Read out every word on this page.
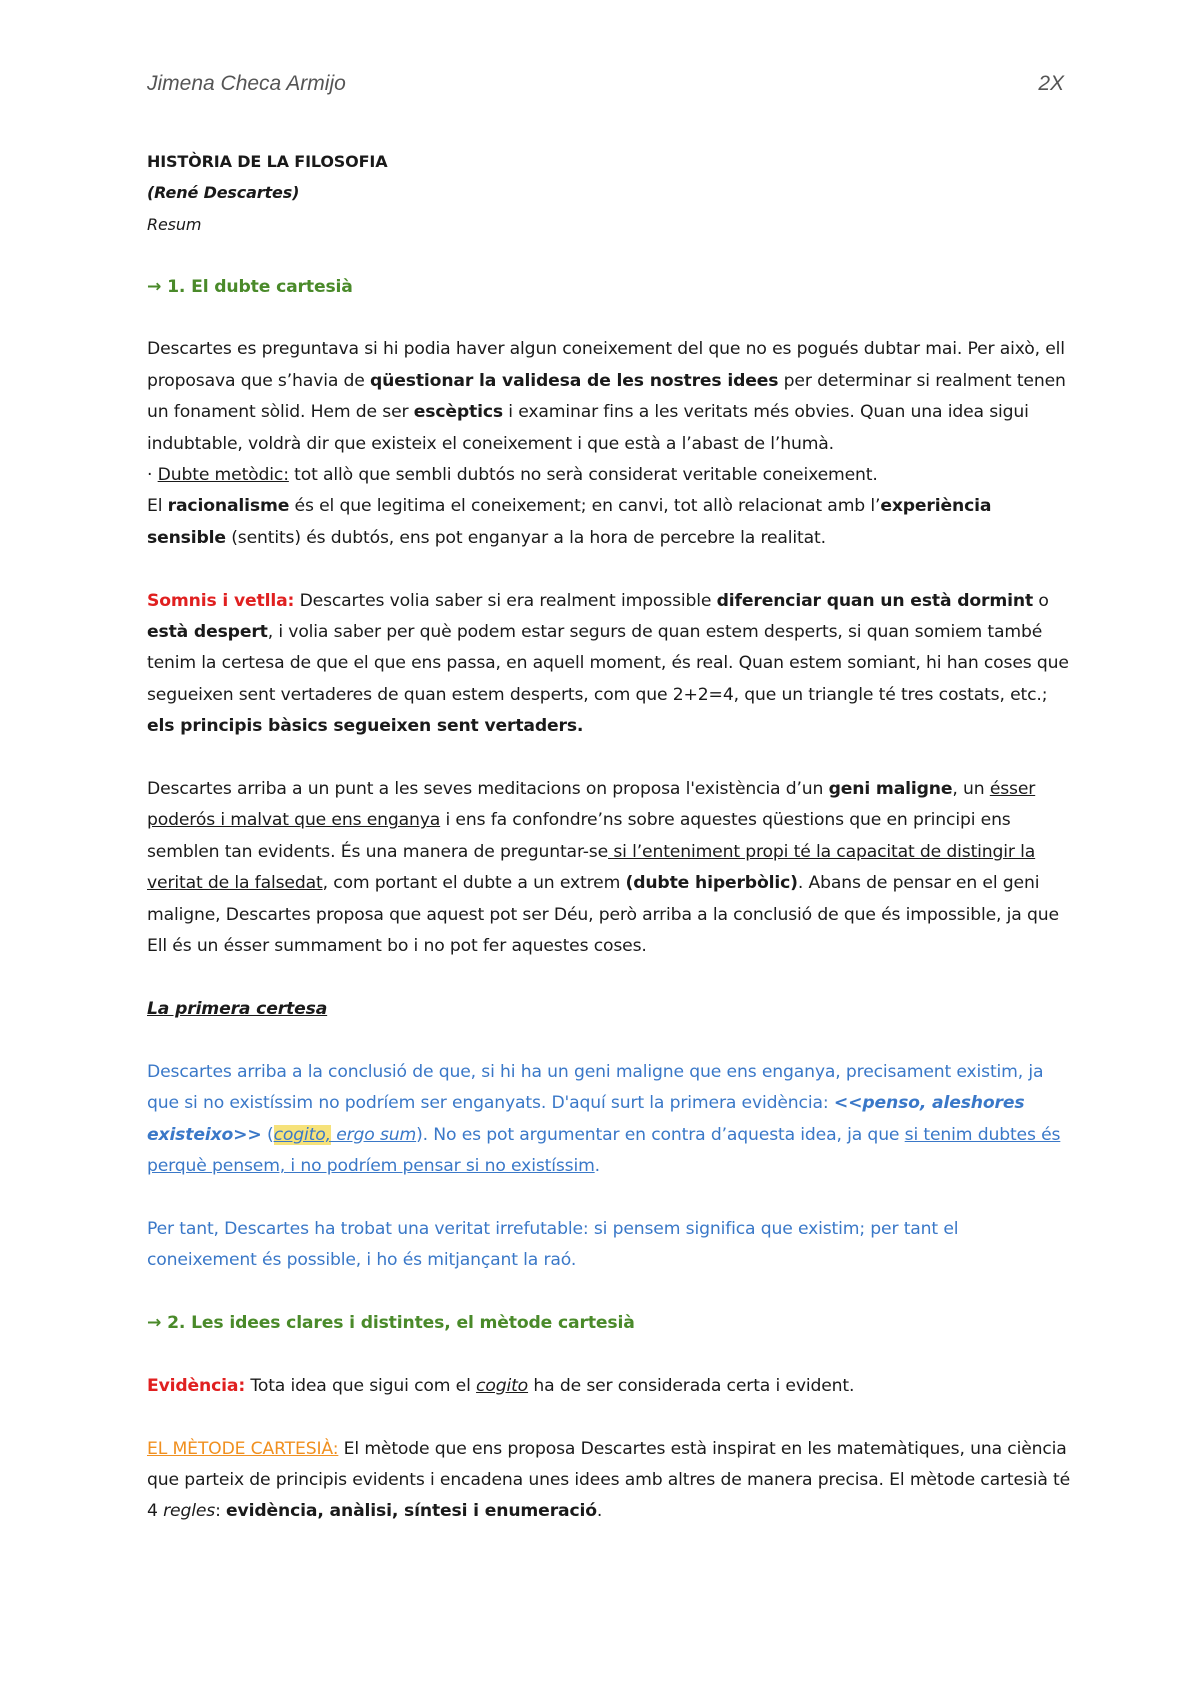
Jimena Checa Armijo	2X

HISTÒRIA DE LA FILOSOFIA

(René Descartes)

Resum

→ 1. El dubte cartesià

Descartes es preguntava si hi podia haver algun coneixement del que no es pogués dubtar mai. Per això, ell proposava que s’havia de qüestionar la validesa de les nostres idees per determinar si realment tenen un fonament sòlid. Hem de ser escèptics i examinar fins a les veritats més obvies. Quan una idea sigui indubtable, voldrà dir que existeix el coneixement i que està a l’abast de l’humà.

· Dubte metòdic: tot allò que sembli dubtós no serà considerat veritable coneixement.

El racionalisme és el que legitima el coneixement; en canvi, tot allò relacionat amb l’experiència sensible (sentits) és dubtós, ens pot enganyar a la hora de percebre la realitat.

Somnis i vetlla: Descartes volia saber si era realment impossible diferenciar quan un està dormint o està despert, i volia saber per què podem estar segurs de quan estem desperts, si quan somiem també tenim la certesa de que el que ens passa, en aquell moment, és real. Quan estem somiant, hi han coses que segueixen sent vertaderes de quan estem desperts, com que 2+2=4, que un triangle té tres costats, etc.; els principis bàsics segueixen sent vertaders.

Descartes arriba a un punt a les seves meditacions on proposa l'existència d’un geni maligne, un ésser poderós i malvat que ens enganya i ens fa confondre’ns sobre aquestes qüestions que en principi ens semblen tan evidents. És una manera de preguntar-se si l’enteniment propi té la capacitat de distingir la veritat de la falsedat, com portant el dubte a un extrem (dubte hiperbòlic). Abans de pensar en el geni maligne, Descartes proposa que aquest pot ser Déu, però arriba a la conclusió de que és impossible, ja que Ell és un ésser summament bo i no pot fer aquestes coses.

La primera certesa

Descartes arriba a la conclusió de que, si hi ha un geni maligne que ens enganya, precisament existim, ja que si no existíssim no podríem ser enganyats. D'aquí surt la primera evidència: <<penso, aleshores existeixo>> (cogito, ergo sum). No es pot argumentar en contra d’aquesta idea, ja que si tenim dubtes és perquè pensem, i no podríem pensar si no existíssim.

Per tant, Descartes ha trobat una veritat irrefutable: si pensem significa que existim; per tant el coneixement és possible, i ho és mitjançant la raó.

→ 2. Les idees clares i distintes, el mètode cartesià

Evidència: Tota idea que sigui com el cogito ha de ser considerada certa i evident.

EL MÈTODE CARTESIÀ: El mètode que ens proposa Descartes està inspirat en les matemàtiques, una ciència que parteix de principis evidents i encadena unes idees amb altres de manera precisa. El mètode cartesià té 4 regles: evidència, anàlisi, síntesi i enumeració.
